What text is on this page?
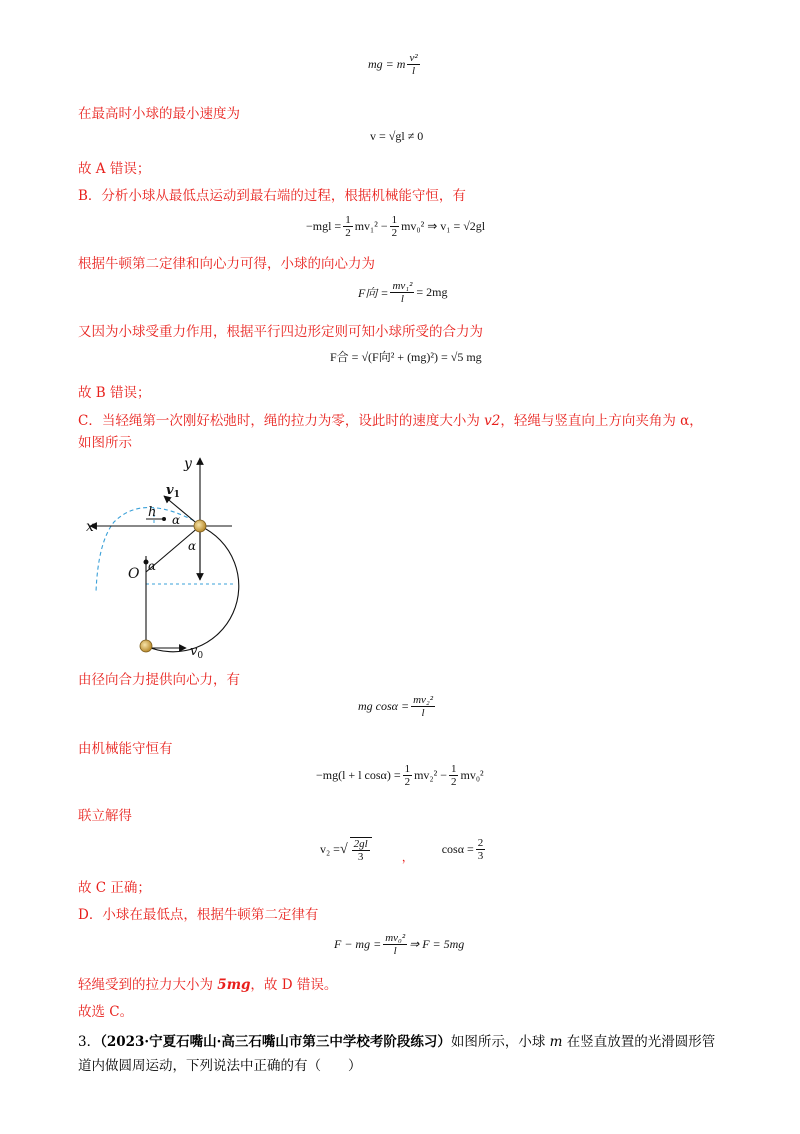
mg = m $\frac{\text{v²}}{l}$
在最高时小球的最小速度为
v = √gl ≠ 0
故 A 错误；
B．分析小球从最低点运动到最右端的过程，根据机械能守恒，有
$-mgl = \frac{1}{2} mv_1^2 - \frac{1}{2} mv_0^2$ ⇒ v₁ = √2gl
根据牛顿第二定律和向心力可得，小球的向心力为
F向 = $\frac{\text{mv₁²}}{l} = 2mg$
又因为小球受重力作用，根据平行四边形定则可知小球所受的合力为
F合 = √(F向² + (mg)²) = √5 mg
故 B 错误；
C．当轻绳第一次刚好松弛时，绳的拉力为零，设此时的速度大小为 v2，轻绳与竖直向上方向夹角为 α，
如图所示
y
x
$v_1$
h α
α
α
O
$v_0$
由径向合力提供向心力，有
mg $\cos\alpha = \frac{\text{mv₂²}}{l}$
由机械能守恒有
−mg(l + l $\cos\alpha) = \frac{1}{2} mv_2^2 - \frac{1}{2} mv_0^2$
联立解得
v₂ = √ $\frac{2gl}{3}$	，
$\cos\alpha = \frac{2}{3}$
故 C 正确；
D．小球在最低点，根据牛顿第二定律有
F − mg = $\frac{\text{mv₀²}}{l}$ ⇒ F = 5mg
轻绳受到的拉力大小为 5mg，故 D 错误。
故选 C。
3．（2023·宁夏石嘴山·高三石嘴山市第三中学校考阶段练习）如图所示，小球 m 在竖直放置的光滑圆形管道内做圆周运动，下列说法中正确的有（　　）
